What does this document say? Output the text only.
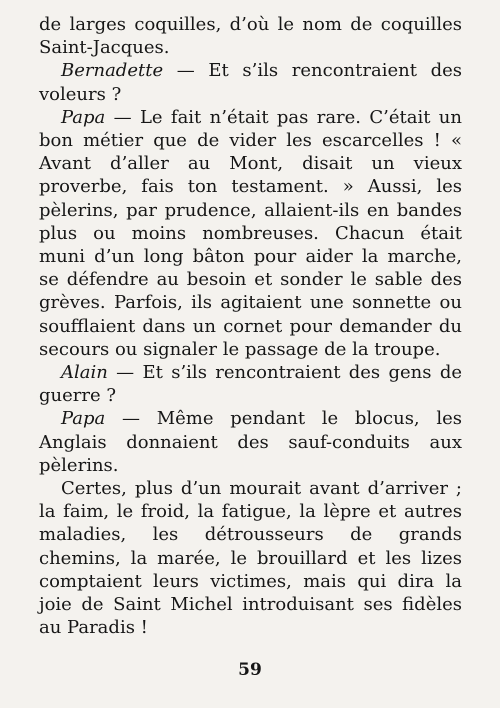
de larges coquilles, d’où le nom de coquilles Saint-Jacques.

Bernadette — Et s’ils rencontraient des voleurs ?

Papa — Le fait n’était pas rare. C’était un bon métier que de vider les escarcelles ! « Avant d’aller au Mont, disait un vieux proverbe, fais ton testament. » Aussi, les pèlerins, par prudence, allaient-ils en bandes plus ou moins nombreuses. Chacun était muni d’un long bâton pour aider la marche, se défendre au besoin et sonder le sable des grèves. Parfois, ils agitaient une sonnette ou soufflaient dans un cornet pour demander du secours ou signaler le passage de la troupe.

Alain — Et s’ils rencontraient des gens de guerre ?

Papa — Même pendant le blocus, les Anglais donnaient des sauf-conduits aux pèlerins.

Certes, plus d’un mourait avant d’arriver ; la faim, le froid, la fatigue, la lèpre et autres maladies, les détrousseurs de grands chemins, la marée, le brouillard et les lizes comptaient leurs victimes, mais qui dira la joie de Saint Michel introduisant ses fidèles au Paradis !

59
